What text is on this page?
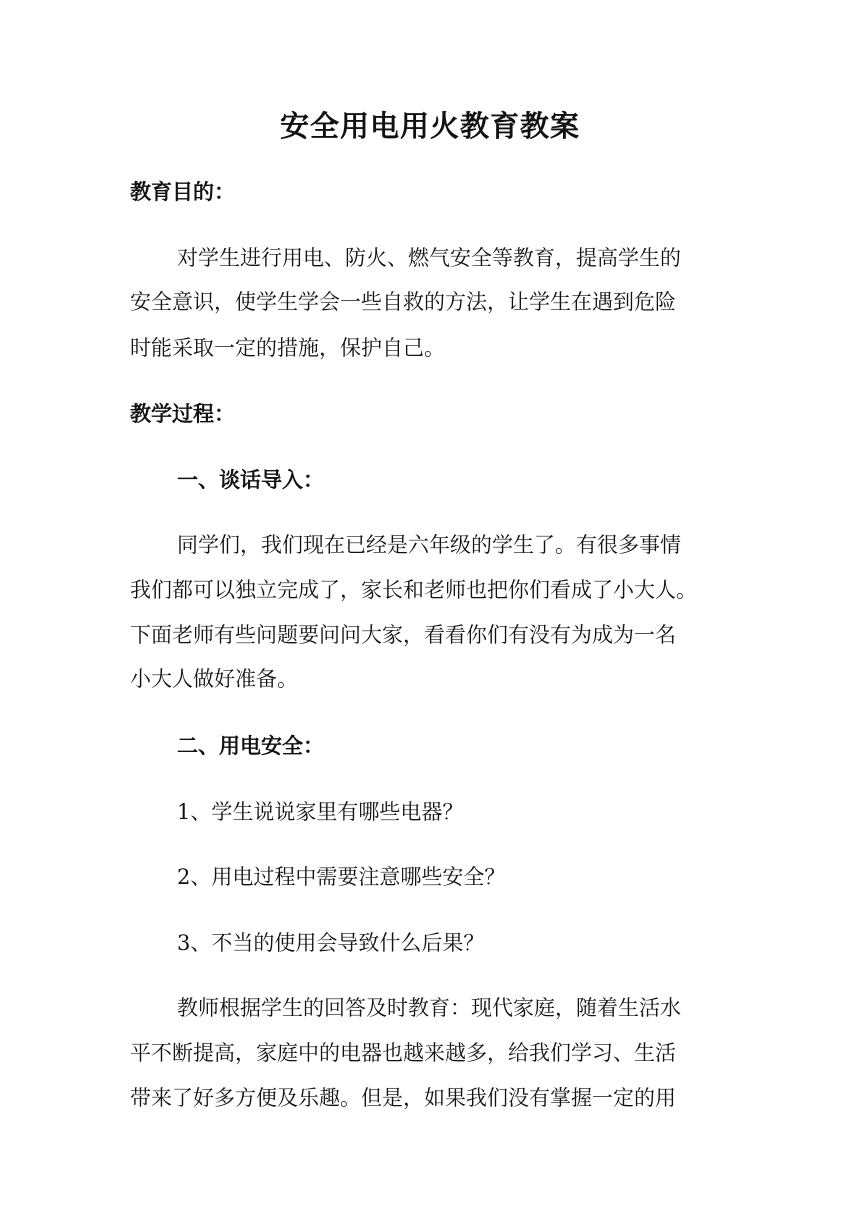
安全用电用火教育教案

教育目的：

对学生进行用电、防火、燃气安全等教育，提高学生的

安全意识，使学生学会一些自救的方法，让学生在遇到危险

时能采取一定的措施，保护自己。

教学过程：

一、谈话导入：

同学们，我们现在已经是六年级的学生了。有很多事情

我们都可以独立完成了，家长和老师也把你们看成了小大人。

下面老师有些问题要问问大家，看看你们有没有为成为一名

小大人做好准备。

二、用电安全：

1、学生说说家里有哪些电器？

2、用电过程中需要注意哪些安全？

3、不当的使用会导致什么后果？

教师根据学生的回答及时教育：现代家庭，随着生活水

平不断提高，家庭中的电器也越来越多，给我们学习、生活

带来了好多方便及乐趣。但是，如果我们没有掌握一定的用
